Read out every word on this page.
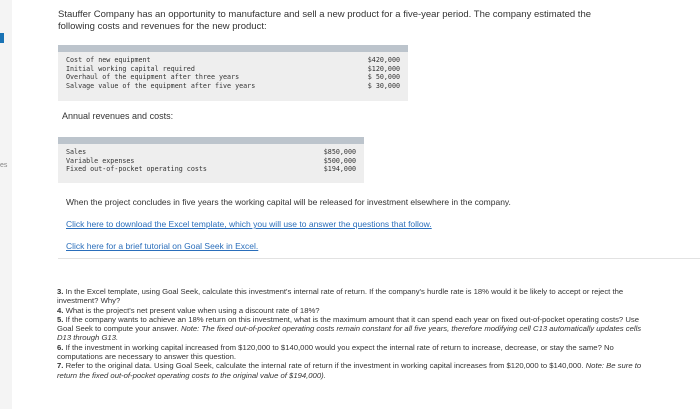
es
Stauffer Company has an opportunity to manufacture and sell a new product for a five-year period. The company estimated the following costs and revenues for the new product:
Cost of new equipment
Initial working capital required
Overhaul of the equipment after three years
Salvage value of the equipment after five years
$420,000
$120,000
$ 50,000
$ 30,000
Annual revenues and costs:
Sales
Variable expenses
Fixed out-of-pocket operating costs
$850,000
$500,000
$194,000
When the project concludes in five years the working capital will be released for investment elsewhere in the company.
Click here to download the Excel template, which you will use to answer the questions that follow.
Click here for a brief tutorial on Goal Seek in Excel.
3. In the Excel template, using Goal Seek, calculate this investment's internal rate of return. If the company's hurdle rate is 18% would it be likely to accept or reject the investment? Why?
4. What is the project's net present value when using a discount rate of 18%?
5. If the company wants to achieve an 18% return on this investment, what is the maximum amount that it can spend each year on fixed out-of-pocket operating costs? Use Goal Seek to compute your answer. Note: The fixed out-of-pocket operating costs remain constant for all five years, therefore modifying cell C13 automatically updates cells D13 through G13.
6. If the investment in working capital increased from $120,000 to $140,000 would you expect the internal rate of return to increase, decrease, or stay the same? No computations are necessary to answer this question.
7. Refer to the original data. Using Goal Seek, calculate the internal rate of return if the investment in working capital increases from $120,000 to $140,000. Note: Be sure to return the fixed out-of-pocket operating costs to the original value of $194,000).
